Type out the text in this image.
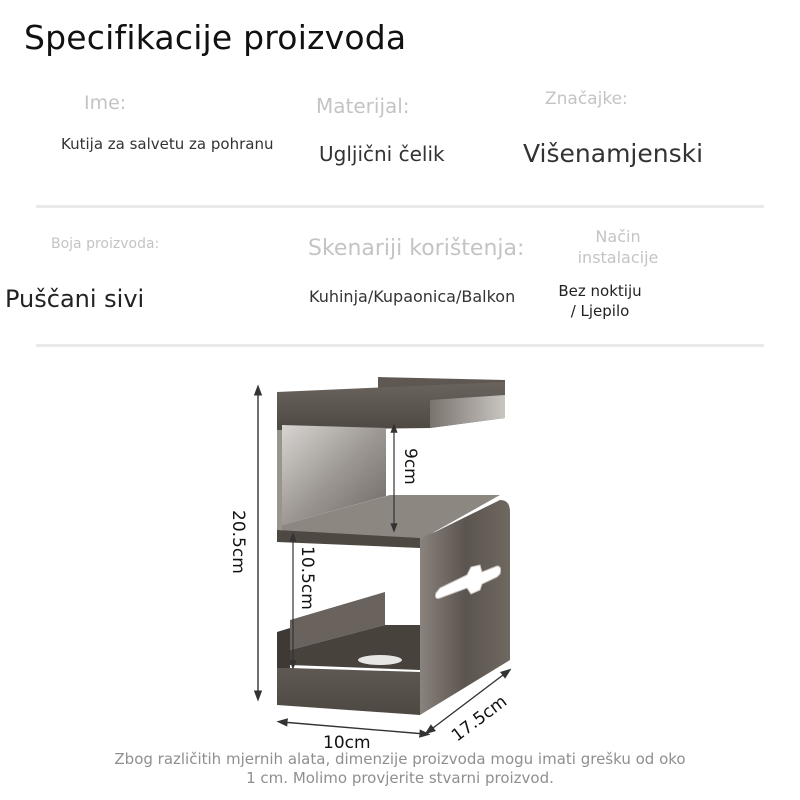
Specifikacije proizvoda
Ime:
Kutija za salvetu za pohranu
Materijal:
Ugljični čelik
Značajke:
Višenamjenski
Boja proizvoda:
Puščani sivi
Skenariji korištenja:
Kuhinja/Kupaonica/Balkon
Način
instalacije
Bez noktiju
/ Ljepilo
20.5cm
9cm
10.5cm
10cm	17.5cm
Zbog različitih mjernih alata, dimenzije proizvoda mogu imati grešku od oko
1 cm. Molimo provjerite stvarni proizvod.
